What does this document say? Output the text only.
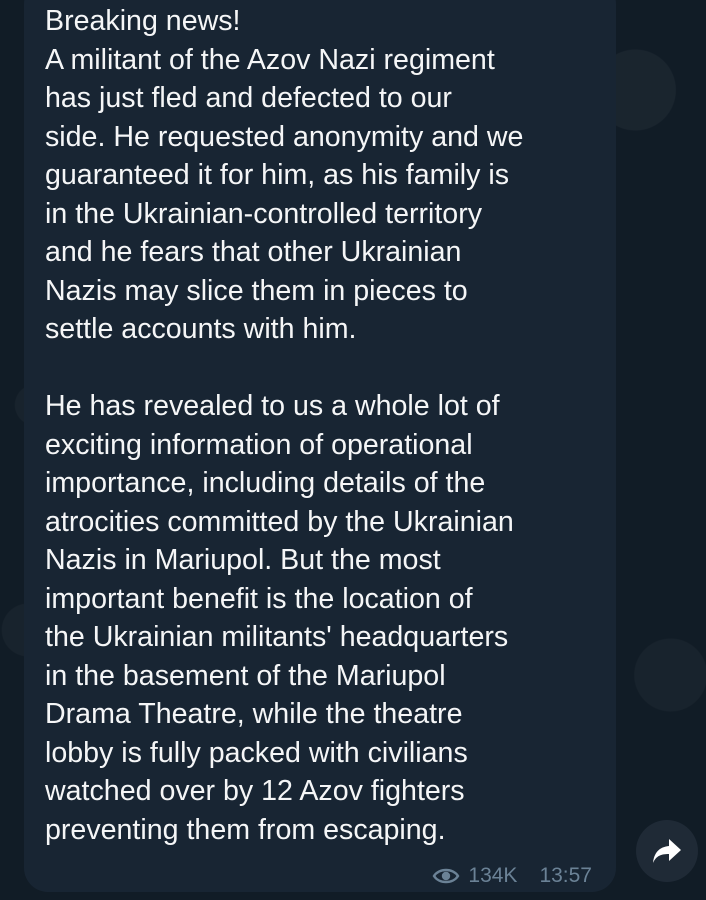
Breaking news!
A militant of the Azov Nazi regiment
has just fled and defected to our
side. He requested anonymity and we
guaranteed it for him, as his family is
in the Ukrainian-controlled territory
and he fears that other Ukrainian
Nazis may slice them in pieces to
settle accounts with him.

He has revealed to us a whole lot of
exciting information of operational
importance, including details of the
atrocities committed by the Ukrainian
Nazis in Mariupol. But the most
important benefit is the location of
the Ukrainian militants' headquarters
in the basement of the Mariupol
Drama Theatre, while the theatre
lobby is fully packed with civilians
watched over by 12 Azov fighters
preventing them from escaping.
134K 13:57
